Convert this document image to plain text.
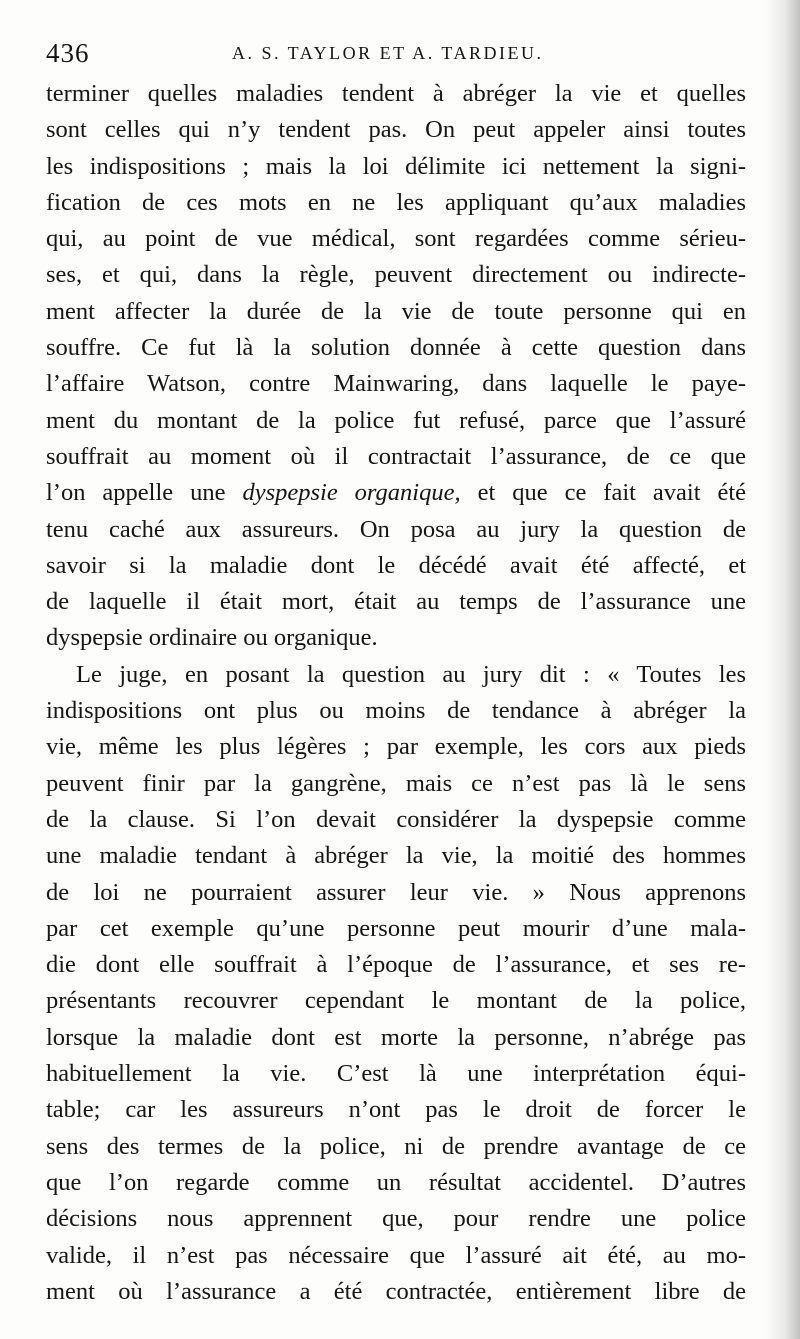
436	A. S. TAYLOR ET A. TARDIEU.
terminer quelles maladies tendent à abréger la vie et quelles
sont celles qui n’y tendent pas. On peut appeler ainsi toutes
les indispositions ; mais la loi délimite ici nettement la signi-
fication de ces mots en ne les appliquant qu’aux maladies
qui, au point de vue médical, sont regardées comme sérieu-
ses, et qui, dans la règle, peuvent directement ou indirecte-
ment affecter la durée de la vie de toute personne qui en
souffre. Ce fut là la solution donnée à cette question dans
l’affaire Watson, contre Mainwaring, dans laquelle le paye-
ment du montant de la police fut refusé, parce que l’assuré
souffrait au moment où il contractait l’assurance, de ce que
l’on appelle une dyspepsie organique, et que ce fait avait été
tenu caché aux assureurs. On posa au jury la question de
savoir si la maladie dont le décédé avait été affecté, et
de laquelle il était mort, était au temps de l’assurance une
dyspepsie ordinaire ou organique.
Le juge, en posant la question au jury dit : « Toutes les
indispositions ont plus ou moins de tendance à abréger la
vie, même les plus légères ; par exemple, les cors aux pieds
peuvent finir par la gangrène, mais ce n’est pas là le sens
de la clause. Si l’on devait considérer la dyspepsie comme
une maladie tendant à abréger la vie, la moitié des hommes
de loi ne pourraient assurer leur vie. » Nous apprenons
par cet exemple qu’une personne peut mourir d’une mala-
die dont elle souffrait à l’époque de l’assurance, et ses re-
présentants recouvrer cependant le montant de la police,
lorsque la maladie dont est morte la personne, n’abrége pas
habituellement la vie. C’est là une interprétation équi-
table; car les assureurs n’ont pas le droit de forcer le
sens des termes de la police, ni de prendre avantage de ce
que l’on regarde comme un résultat accidentel. D’autres
décisions nous apprennent que, pour rendre une police
valide, il n’est pas nécessaire que l’assuré ait été, au mo-
ment où l’assurance a été contractée, entièrement libre de
